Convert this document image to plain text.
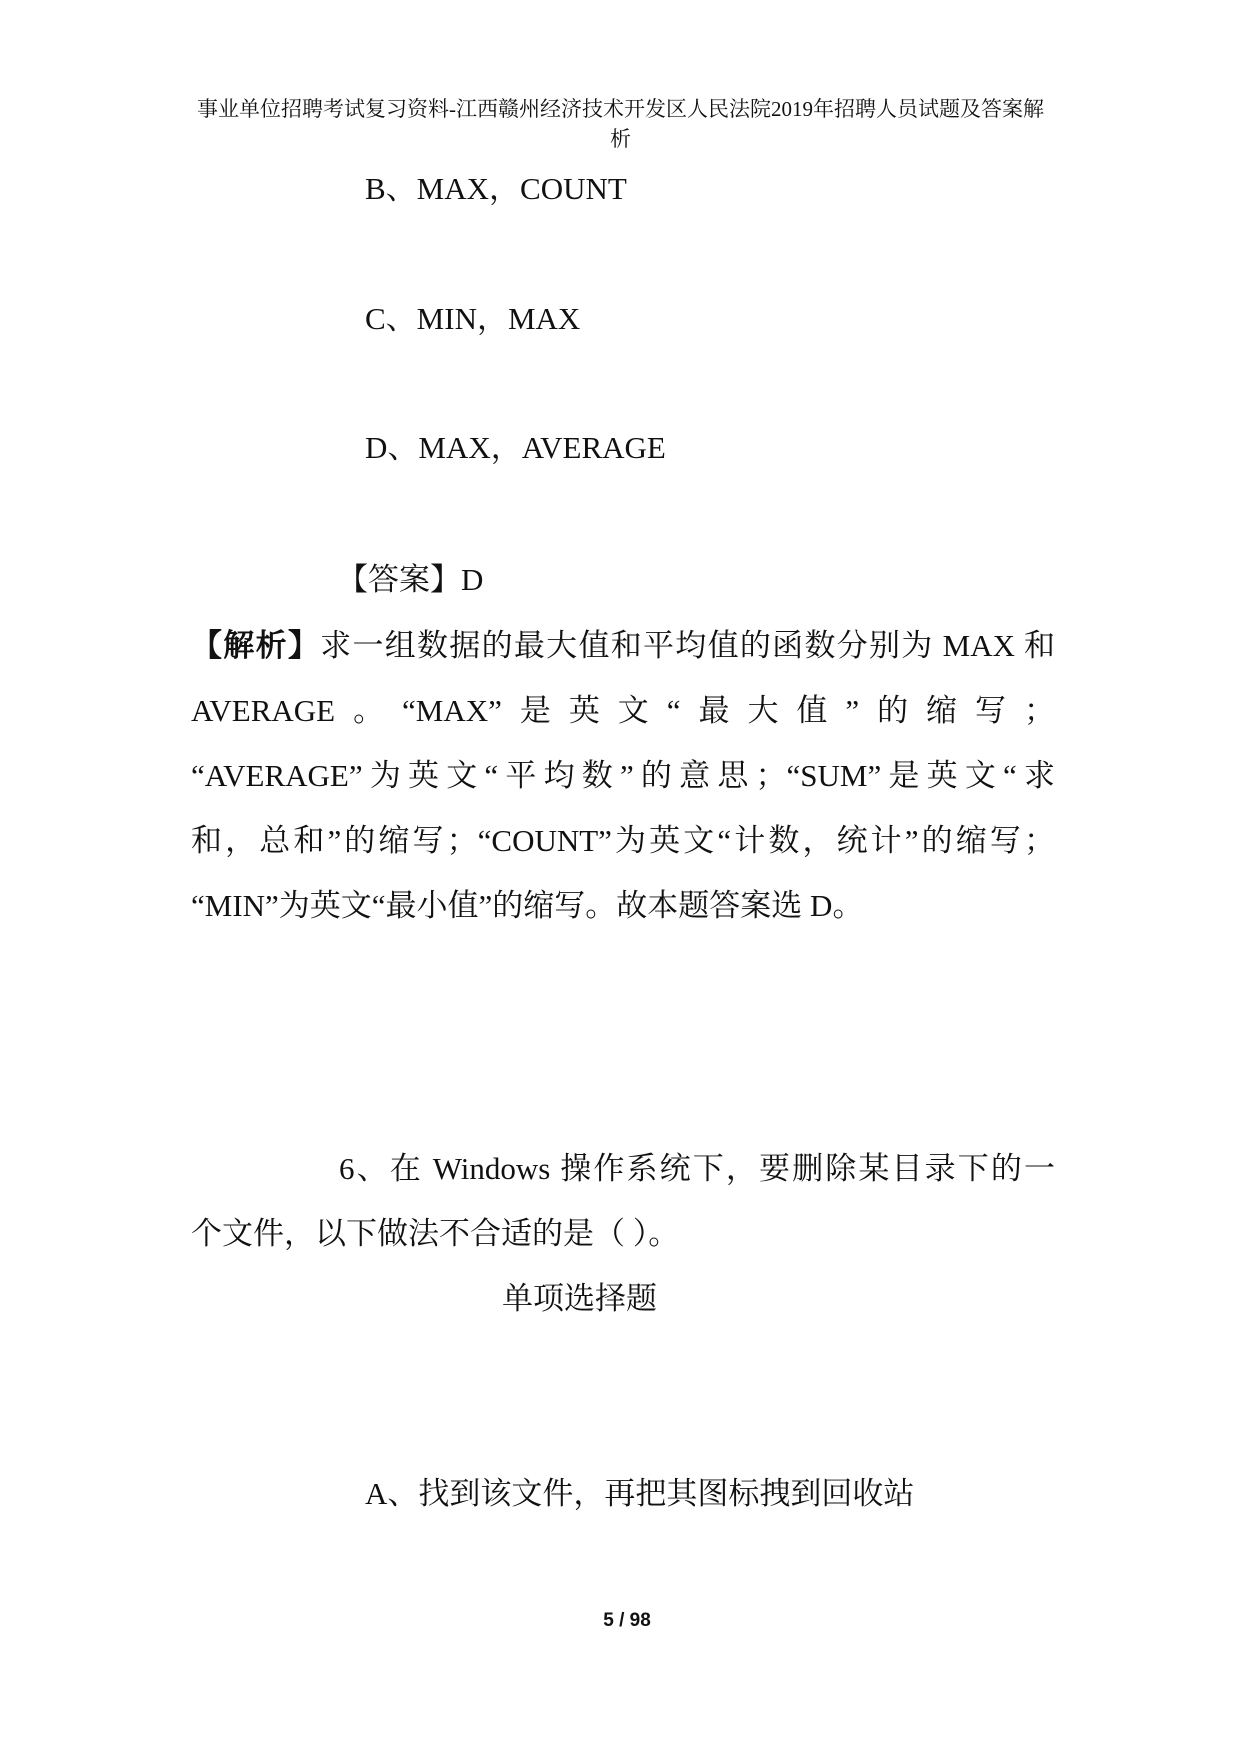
事业单位招聘考试复习资料-江西赣州经济技术开发区人民法院2019年招聘人员试题及答案解
析
B、MAX，COUNT
C、MIN，MAX
D、MAX，AVERAGE
【答案】D
【解析】求一组数据的最大值和平均值的函数分别为 MAX 和
AVERAGE。“MAX”是英文“最大值”的缩写；
“AVERAGE”为英文“平均数”的意思；“SUM”是英文“求
和，总和”的缩写；“COUNT”为英文“计数，统计”的缩写；
“MIN”为英文“最小值”的缩写。故本题答案选 D。
6、在 Windows 操作系统下，要删除某目录下的一
个文件，以下做法不合适的是（ ）。
单项选择题
A、找到该文件，再把其图标拽到回收站
5 / 98
